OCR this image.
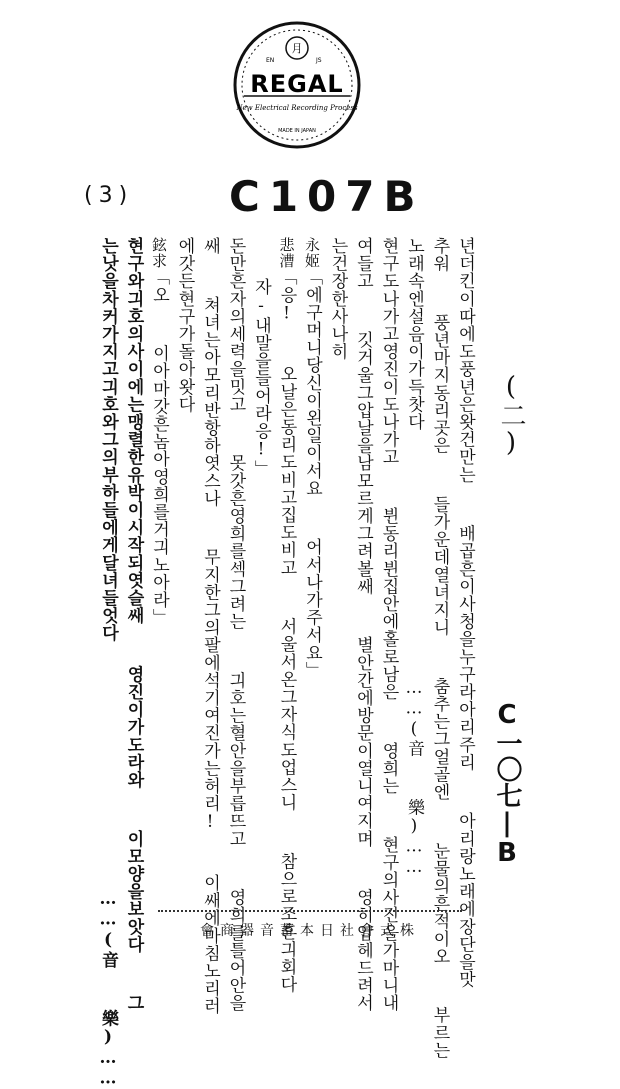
月
EN	JS
REGAL
New Electrical Recording Process
MADE IN JAPAN
(3) C107B
(二)
C一〇七|B
년더킨이따에도풍년은왓건만는  배곱흔이사청을누구라아리주리  아리랑노래에장단을맛
추워  풍년마지동리곳은  들가운데열녀지니  춤추는그얼골엔  눈물의흔적이오  부르는
노래속엔설음이가득찻다            ……(音  樂)……
현구도나가고영진이도나가고  뷘동리뷘집안에홀로남은  영희는  현구의사진을가마니내
여들고  깃거울그압날을남모르게그려볼쌔  별안간에방문이열니여지며  영히압헤드려서
는건장한사나히
永姬「에구머니당신이왼일이서요  어서나가주서요」
悲漕「응!  오날은동리도비고집도비고  서울서온그자식도업스니  참으로조흔긔회다
자-내말을들어라응!」
돈만흔자의세력을밋고  못갓흔영희를섹그려는  긔호는혈안을부릅뜨고  영희를틀어안을
쌔  쳐녀는아모리반항하엿스나  무지한그의팔에석기여진가는허리!  이쌔에마침노리러
에갓든현구가돌아왓다
鉉求「오  이아마갓흔놈아영희를거긔노아라」
현구와긔호의사이에는맹렬한유박이시작되엿슬쌔  영진이가도라와  이모양을보앗다  그
는낫을차커가지고긔호와그의부하들에게달녀들엇다            ……(音  樂)……	會商器音蓄本日社會式株
